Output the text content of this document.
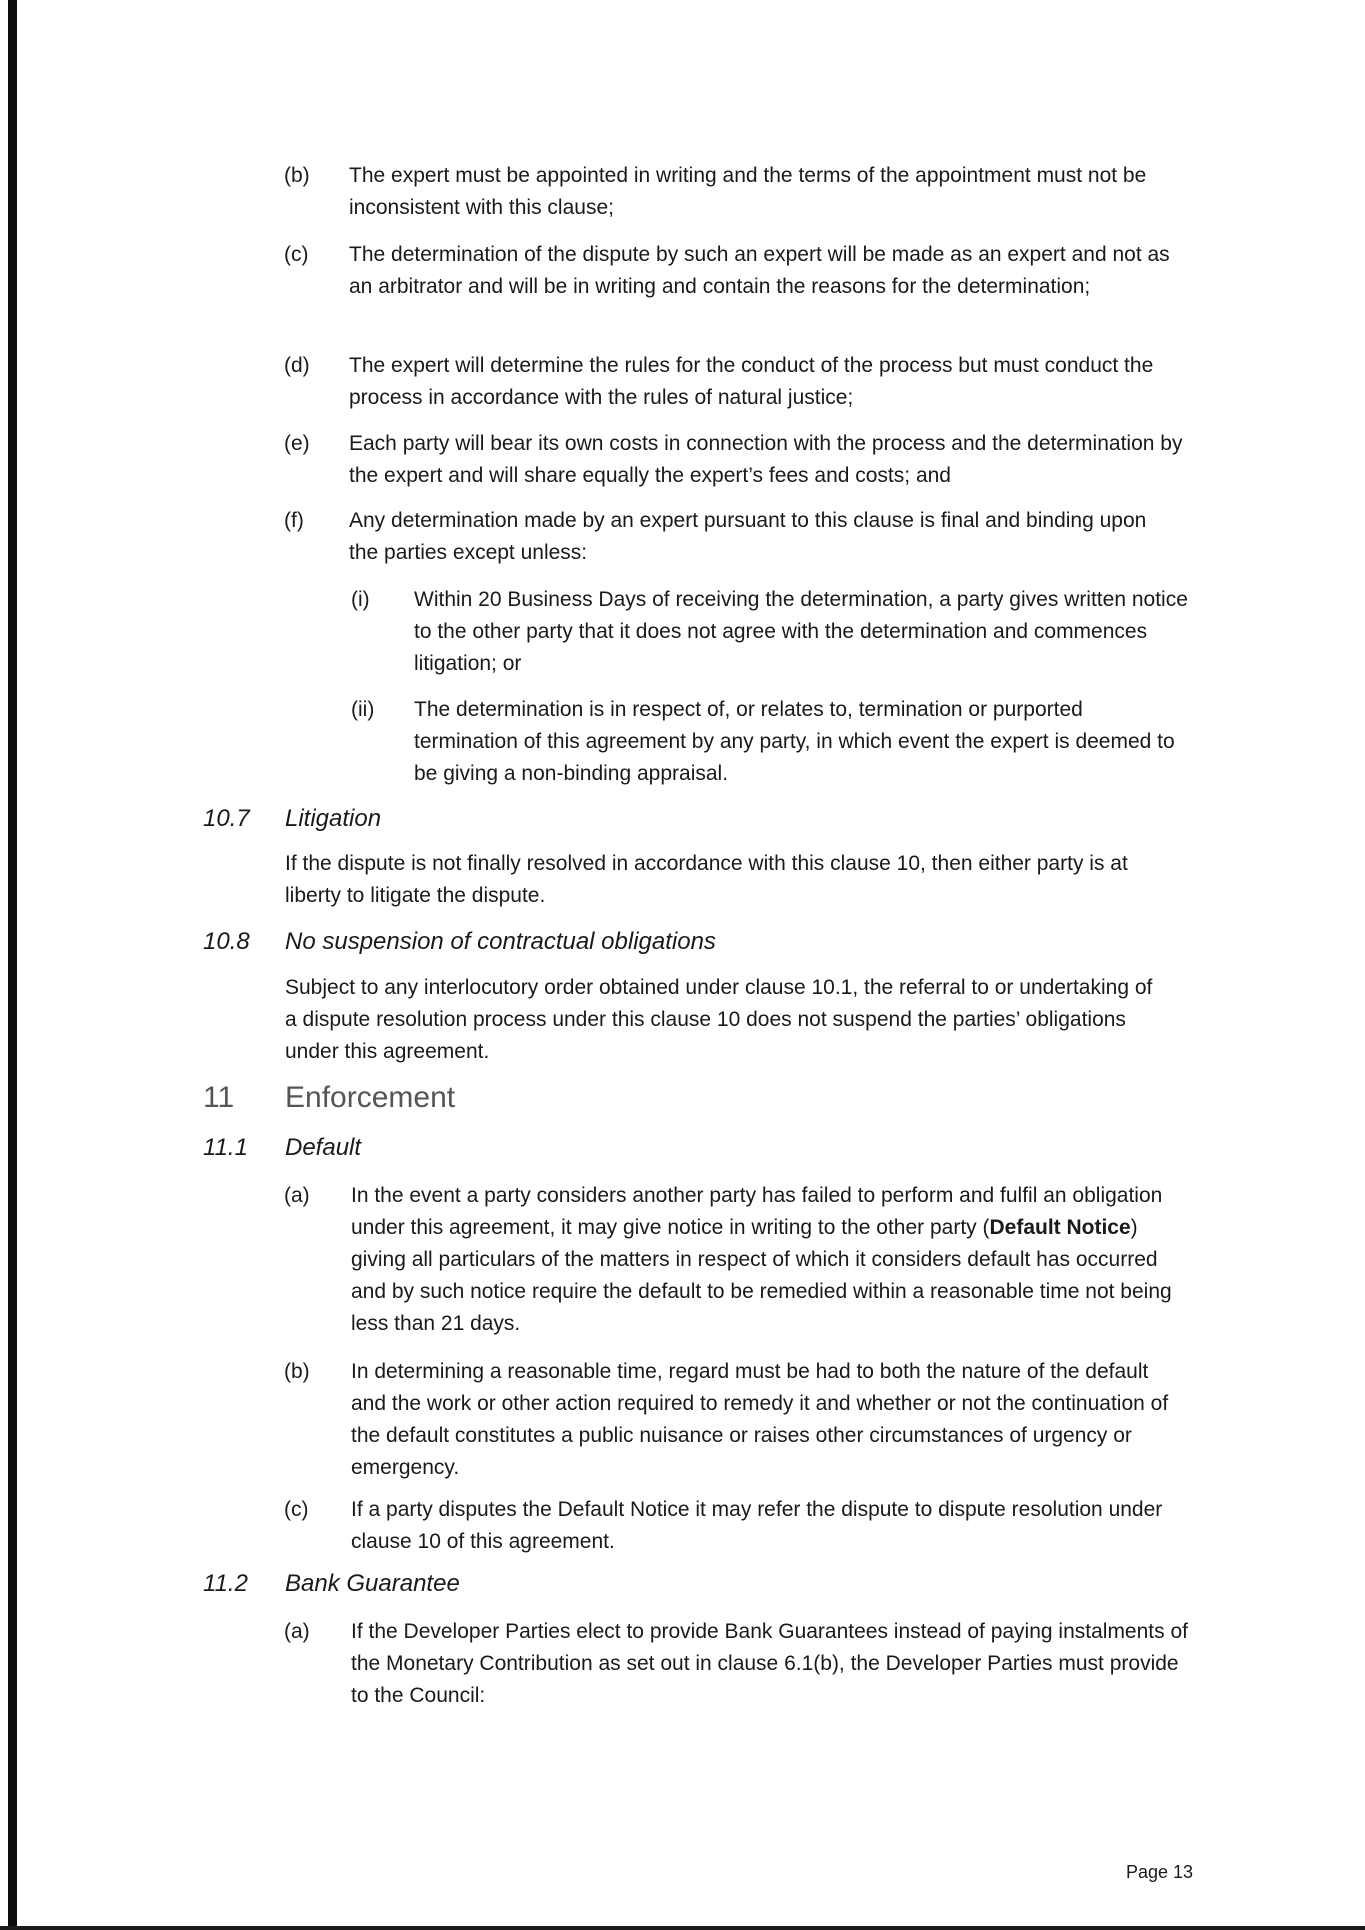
(b) The expert must be appointed in writing and the terms of the appointment must not be inconsistent with this clause;
(c) The determination of the dispute by such an expert will be made as an expert and not as an arbitrator and will be in writing and contain the reasons for the determination;
(d) The expert will determine the rules for the conduct of the process but must conduct the process in accordance with the rules of natural justice;
(e) Each party will bear its own costs in connection with the process and the determination by the expert and will share equally the expert’s fees and costs; and
(f) Any determination made by an expert pursuant to this clause is final and binding upon the parties except unless:
(i) Within 20 Business Days of receiving the determination, a party gives written notice to the other party that it does not agree with the determination and commences litigation; or
(ii) The determination is in respect of, or relates to, termination or purported termination of this agreement by any party, in which event the expert is deemed to be giving a non-binding appraisal.
10.7 Litigation
If the dispute is not finally resolved in accordance with this clause 10, then either party is at liberty to litigate the dispute.
10.8 No suspension of contractual obligations
Subject to any interlocutory order obtained under clause 10.1, the referral to or undertaking of a dispute resolution process under this clause 10 does not suspend the parties’ obligations under this agreement.
11 Enforcement
11.1 Default
(a) In the event a party considers another party has failed to perform and fulfil an obligation under this agreement, it may give notice in writing to the other party (Default Notice) giving all particulars of the matters in respect of which it considers default has occurred and by such notice require the default to be remedied within a reasonable time not being less than 21 days.
(b) In determining a reasonable time, regard must be had to both the nature of the default and the work or other action required to remedy it and whether or not the continuation of the default constitutes a public nuisance or raises other circumstances of urgency or emergency.
(c) If a party disputes the Default Notice it may refer the dispute to dispute resolution under clause 10 of this agreement.
11.2 Bank Guarantee
(a) If the Developer Parties elect to provide Bank Guarantees instead of paying instalments of the Monetary Contribution as set out in clause 6.1(b), the Developer Parties must provide to the Council:
Page 13
